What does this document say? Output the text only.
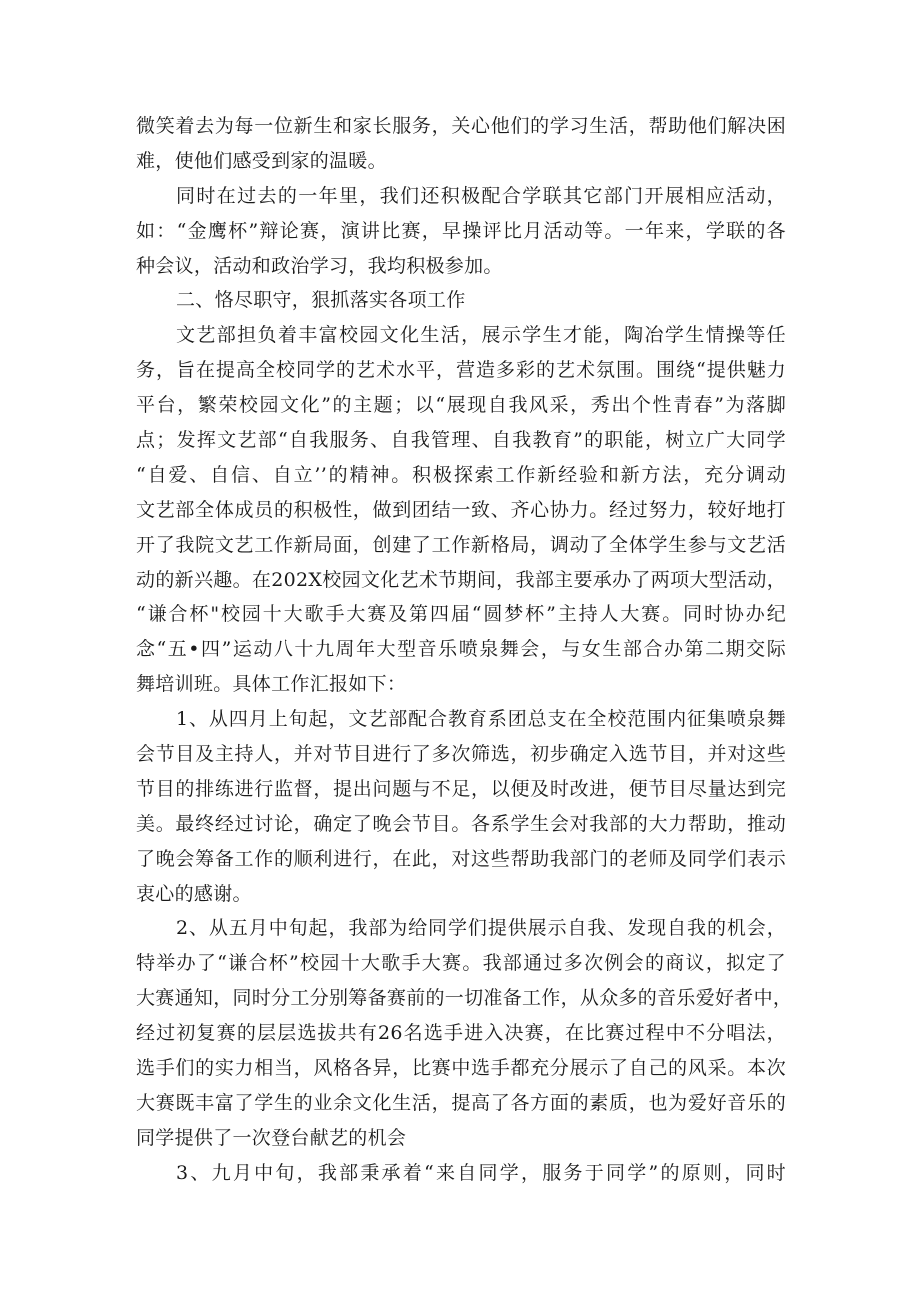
微笑着去为每一位新生和家长服务，关心他们的学习生活，帮助他们解决困
难，使他们感受到家的温暖。
同时在过去的一年里，我们还积极配合学联其它部门开展相应活动，
如：“金鹰杯”辩论赛，演讲比赛，早操评比月活动等。一年来，学联的各
种会议，活动和政治学习，我均积极参加。
二、恪尽职守，狠抓落实各项工作
文艺部担负着丰富校园文化生活，展示学生才能，陶冶学生情操等任
务，旨在提高全校同学的艺术水平，营造多彩的艺术氛围。围绕“提供魅力
平台，繁荣校园文化”的主题；以“展现自我风采，秀出个性青春”为落脚
点；发挥文艺部“自我服务、自我管理、自我教育”的职能，树立广大同学
“自爱、自信、自立’’的精神。积极探索工作新经验和新方法，充分调动
文艺部全体成员的积极性，做到团结一致、齐心协力。经过努力，较好地打
开了我院文艺工作新局面，创建了工作新格局，调动了全体学生参与文艺活
动的新兴趣。在202X校园文化艺术节期间，我部主要承办了两项大型活动，
“谦合杯"校园十大歌手大赛及第四届“圆梦杯”主持人大赛。同时协办纪
念“五•四”运动八十九周年大型音乐喷泉舞会，与女生部合办第二期交际
舞培训班。具体工作汇报如下：
1、从四月上旬起，文艺部配合教育系团总支在全校范围内征集喷泉舞
会节目及主持人，并对节目进行了多次筛选，初步确定入选节目，并对这些
节目的排练进行监督，提出问题与不足，以便及时改进，便节目尽量达到完
美。最终经过讨论，确定了晚会节目。各系学生会对我部的大力帮助，推动
了晚会筹备工作的顺利进行，在此，对这些帮助我部门的老师及同学们表示
衷心的感谢。
2、从五月中旬起，我部为给同学们提供展示自我、发现自我的机会，
特举办了“谦合杯”校园十大歌手大赛。我部通过多次例会的商议，拟定了
大赛通知，同时分工分别筹备赛前的一切准备工作，从众多的音乐爱好者中，
经过初复赛的层层选拔共有26名选手进入决赛，在比赛过程中不分唱法，
选手们的实力相当，风格各异，比赛中选手都充分展示了自己的风采。本次
大赛既丰富了学生的业余文化生活，提高了各方面的素质，也为爱好音乐的
同学提供了一次登台献艺的机会
3、九月中旬，我部秉承着“来自同学，服务于同学”的原则，同时
